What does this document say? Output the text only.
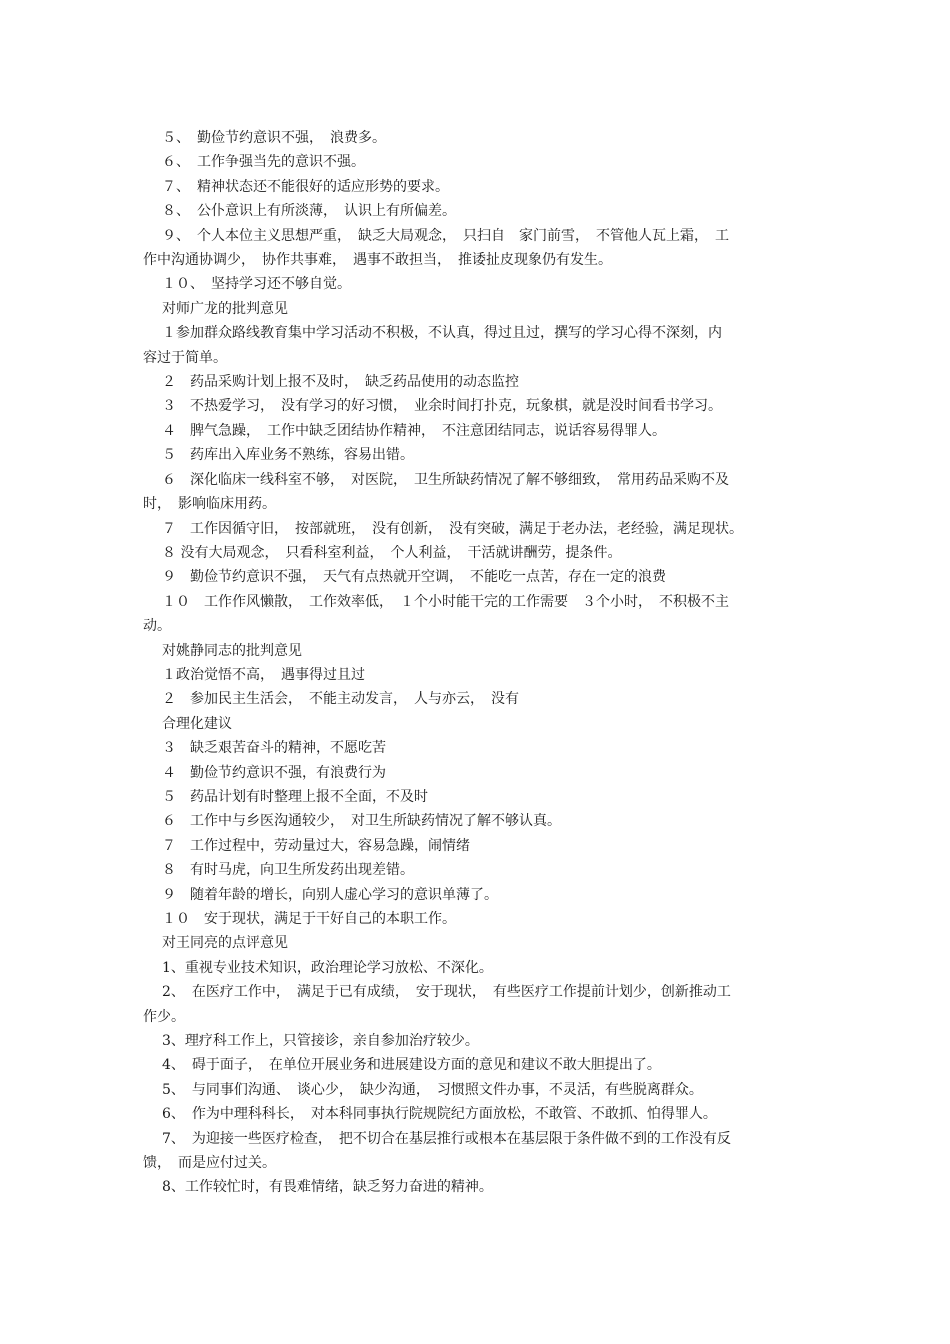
５、　勤俭节约意识不强，　浪费多。

６、　工作争强当先的意识不强。

７、　精神状态还不能很好的适应形势的要求。

８、　公仆意识上有所淡薄，　认识上有所偏差。

９、　个人本位主义思想严重，　缺乏大局观念，　只扫自　家门前雪，　不管他人瓦上霜，　工

作中沟通协调少，　协作共事难，　遇事不敢担当，　推诿扯皮现象仍有发生。

１０、　坚持学习还不够自觉。

对师广龙的批判意见

１参加群众路线教育集中学习活动不积极，不认真，得过且过，撰写的学习心得不深刻，内

容过于简单。

２　药品采购计划上报不及时，　缺乏药品使用的动态监控

３　不热爱学习，　没有学习的好习惯，　业余时间打扑克，玩象棋，就是没时间看书学习。

４　脾气急躁，　工作中缺乏团结协作精神，　不注意团结同志，说话容易得罪人。

５　药库出入库业务不熟练，容易出错。

６　深化临床一线科室不够，　对医院，　卫生所缺药情况了解不够细致，　常用药品采购不及

时，　影响临床用药。

７　工作因循守旧，　按部就班，　没有创新，　没有突破，满足于老办法，老经验，满足现状。

８ 没有大局观念，　只看科室利益，　个人利益，　干活就讲酬劳，提条件。

９　勤俭节约意识不强，　天气有点热就开空调，　不能吃一点苦，存在一定的浪费

１０　工作作风懒散，　工作效率低，　１个小时能干完的工作需要　３个小时，　不积极不主

动。

对姚静同志的批判意见

１政治觉悟不高，　遇事得过且过

２　参加民主生活会，　不能主动发言，　人与亦云，　没有

合理化建议

３　缺乏艰苦奋斗的精神，不愿吃苦

４　勤俭节约意识不强，有浪费行为

５　药品计划有时整理上报不全面，不及时

６　工作中与乡医沟通较少，　对卫生所缺药情况了解不够认真。

７　工作过程中，劳动量过大，容易急躁，闹情绪

８　有时马虎，向卫生所发药出现差错。

９　随着年龄的增长，向别人虚心学习的意识单薄了。

１０　安于现状，满足于干好自己的本职工作。

对王同亮的点评意见

1、重视专业技术知识，政治理论学习放松、不深化。

2、　在医疗工作中，　满足于已有成绩，　安于现状，　有些医疗工作提前计划少，创新推动工

作少。

3、理疗科工作上，只管接诊，亲自参加治疗较少。

4、　碍于面子，　在单位开展业务和进展建设方面的意见和建议不敢大胆提出了。

5、　与同事们沟通、　谈心少，　缺少沟通，　习惯照文件办事，不灵活，有些脱离群众。

6、　作为中理科科长，　对本科同事执行院规院纪方面放松，不敢管、不敢抓、怕得罪人。

7、　为迎接一些医疗检查，　把不切合在基层推行或根本在基层限于条件做不到的工作没有反

馈，　而是应付过关。

8、工作较忙时，有畏难情绪，缺乏努力奋进的精神。
